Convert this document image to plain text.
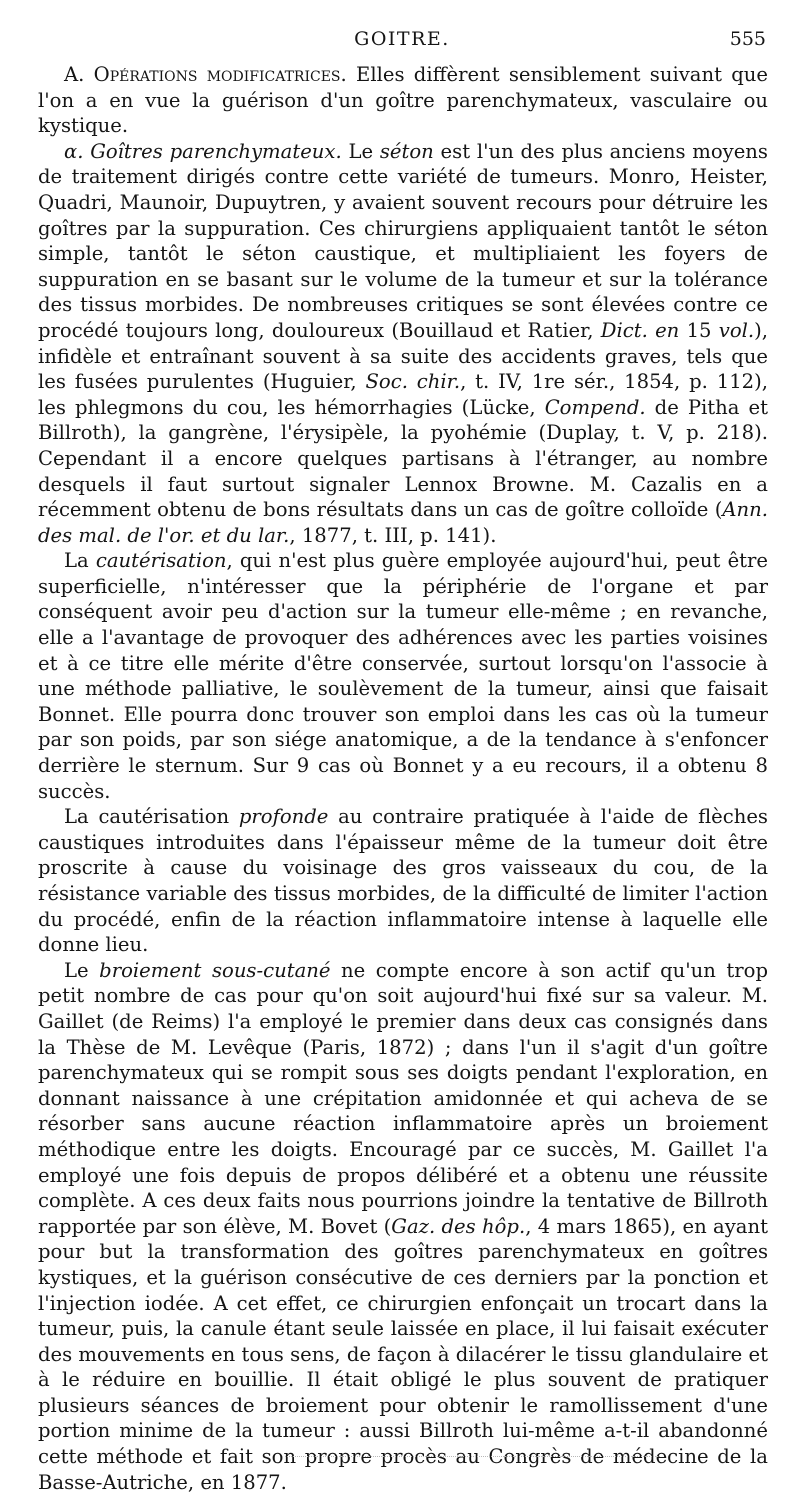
GOITRE.	555

A. Opérations modificatrices. Elles diffèrent sensiblement suivant que l'on a en vue la guérison d'un goître parenchymateux, vasculaire ou kystique.

α. Goîtres parenchymateux. Le séton est l'un des plus anciens moyens de traitement dirigés contre cette variété de tumeurs. Monro, Heister, Quadri, Maunoir, Dupuytren, y avaient souvent recours pour détruire les goîtres par la suppuration. Ces chirurgiens appliquaient tantôt le séton simple, tantôt le séton caustique, et multipliaient les foyers de suppuration en se basant sur le volume de la tumeur et sur la tolérance des tissus morbides. De nombreuses critiques se sont élevées contre ce procédé toujours long, douloureux (Bouillaud et Ratier, Dict. en 15 vol.), infidèle et entraînant souvent à sa suite des accidents graves, tels que les fusées purulentes (Huguier, Soc. chir., t. IV, 1re sér., 1854, p. 112), les phlegmons du cou, les hémorrhagies (Lücke, Compend. de Pitha et Billroth), la gangrène, l'érysipèle, la pyohémie (Duplay, t. V, p. 218). Cependant il a encore quelques partisans à l'étranger, au nombre desquels il faut surtout signaler Lennox Browne. M. Cazalis en a récemment obtenu de bons résultats dans un cas de goître colloïde (Ann. des mal. de l'or. et du lar., 1877, t. III, p. 141).

La cautérisation, qui n'est plus guère employée aujourd'hui, peut être superficielle, n'intéresser que la périphérie de l'organe et par conséquent avoir peu d'action sur la tumeur elle-même ; en revanche, elle a l'avantage de provoquer des adhérences avec les parties voisines et à ce titre elle mérite d'être conservée, surtout lorsqu'on l'associe à une méthode palliative, le soulèvement de la tumeur, ainsi que faisait Bonnet. Elle pourra donc trouver son emploi dans les cas où la tumeur par son poids, par son siége anatomique, a de la tendance à s'enfoncer derrière le sternum. Sur 9 cas où Bonnet y a eu recours, il a obtenu 8 succès.

La cautérisation profonde au contraire pratiquée à l'aide de flèches caustiques introduites dans l'épaisseur même de la tumeur doit être proscrite à cause du voisinage des gros vaisseaux du cou, de la résistance variable des tissus morbides, de la difficulté de limiter l'action du procédé, enfin de la réaction inflammatoire intense à laquelle elle donne lieu.

Le broiement sous-cutané ne compte encore à son actif qu'un trop petit nombre de cas pour qu'on soit aujourd'hui fixé sur sa valeur. M. Gaillet (de Reims) l'a employé le premier dans deux cas consignés dans la Thèse de M. Levêque (Paris, 1872) ; dans l'un il s'agit d'un goître parenchymateux qui se rompit sous ses doigts pendant l'exploration, en donnant naissance à une crépitation amidonnée et qui acheva de se résorber sans aucune réaction inflammatoire après un broiement méthodique entre les doigts. Encouragé par ce succès, M. Gaillet l'a employé une fois depuis de propos délibéré et a obtenu une réussite complète. A ces deux faits nous pourrions joindre la tentative de Billroth rapportée par son élève, M. Bovet (Gaz. des hôp., 4 mars 1865), en ayant pour but la transformation des goîtres parenchymateux en goîtres kystiques, et la guérison consécutive de ces derniers par la ponction et l'injection iodée. A cet effet, ce chirurgien enfonçait un trocart dans la tumeur, puis, la canule étant seule laissée en place, il lui faisait exécuter des mouvements en tous sens, de façon à dilacérer le tissu glandulaire et à le réduire en bouillie. Il était obligé le plus souvent de pratiquer plusieurs séances de broiement pour obtenir le ramollissement d'une portion minime de la tumeur : aussi Billroth lui-même a-t-il abandonné cette méthode et fait son propre procès au Congrès de médecine de la Basse-Autriche, en 1877.
